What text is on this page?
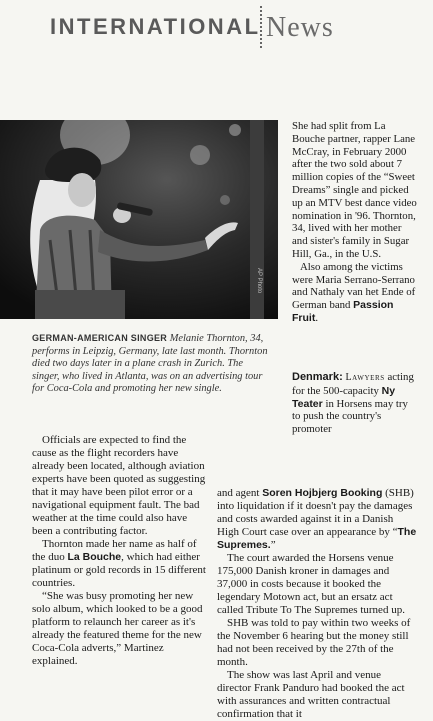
INTERNATIONAL News
AP Photo
GERMAN-AMERICAN SINGER Melanie Thornton, 34, performs in Leipzig, Germany, late last month. Thornton died two days later in a plane crash in Zurich. The singer, who lived in Atlanta, was on an advertising tour for Coca-Cola and promoting her new single.

She had split from La Bouche partner, rapper Lane McCray, in February 2000 after the two sold about 7 million copies of the “Sweet Dreams” single and picked up an MTV best dance video nomination in '96. Thornton, 34, lived with her mother and sister's family in Sugar Hill, Ga., in the U.S.

Also among the victims were Maria Serrano-Serrano and Nathaly van het Ende of German band Passion Fruit.

Denmark: Lawyers acting for the 500-capacity Ny Teater in Horsens may try to push the country's promoter

Officials are expected to find the cause as the flight recorders have already been located, although aviation experts have been quoted as suggesting that it may have been pilot error or a navigational equipment fault. The bad weather at the time could also have been a contributing factor.

Thornton made her name as half of the duo La Bouche, which had either platinum or gold records in 15 different countries.

“She was busy promoting her new solo album, which looked to be a good platform to relaunch her career as it's already the featured theme for the new Coca-Cola adverts,” Martinez explained.

and agent Soren Hojbjerg Booking (SHB) into liquidation if it doesn't pay the damages and costs awarded against it in a Danish High Court case over an appearance by “The Supremes.”

The court awarded the Horsens venue 175,000 Danish kroner in damages and 37,000 in costs because it booked the legendary Motown act, but an ersatz act called Tribute To The Supremes turned up.

SHB was told to pay within two weeks of the November 6 hearing but the money still had not been received by the 27th of the month.

The show was last April and venue director Frank Panduro had booked the act with assurances and written contractual confirmation that it
